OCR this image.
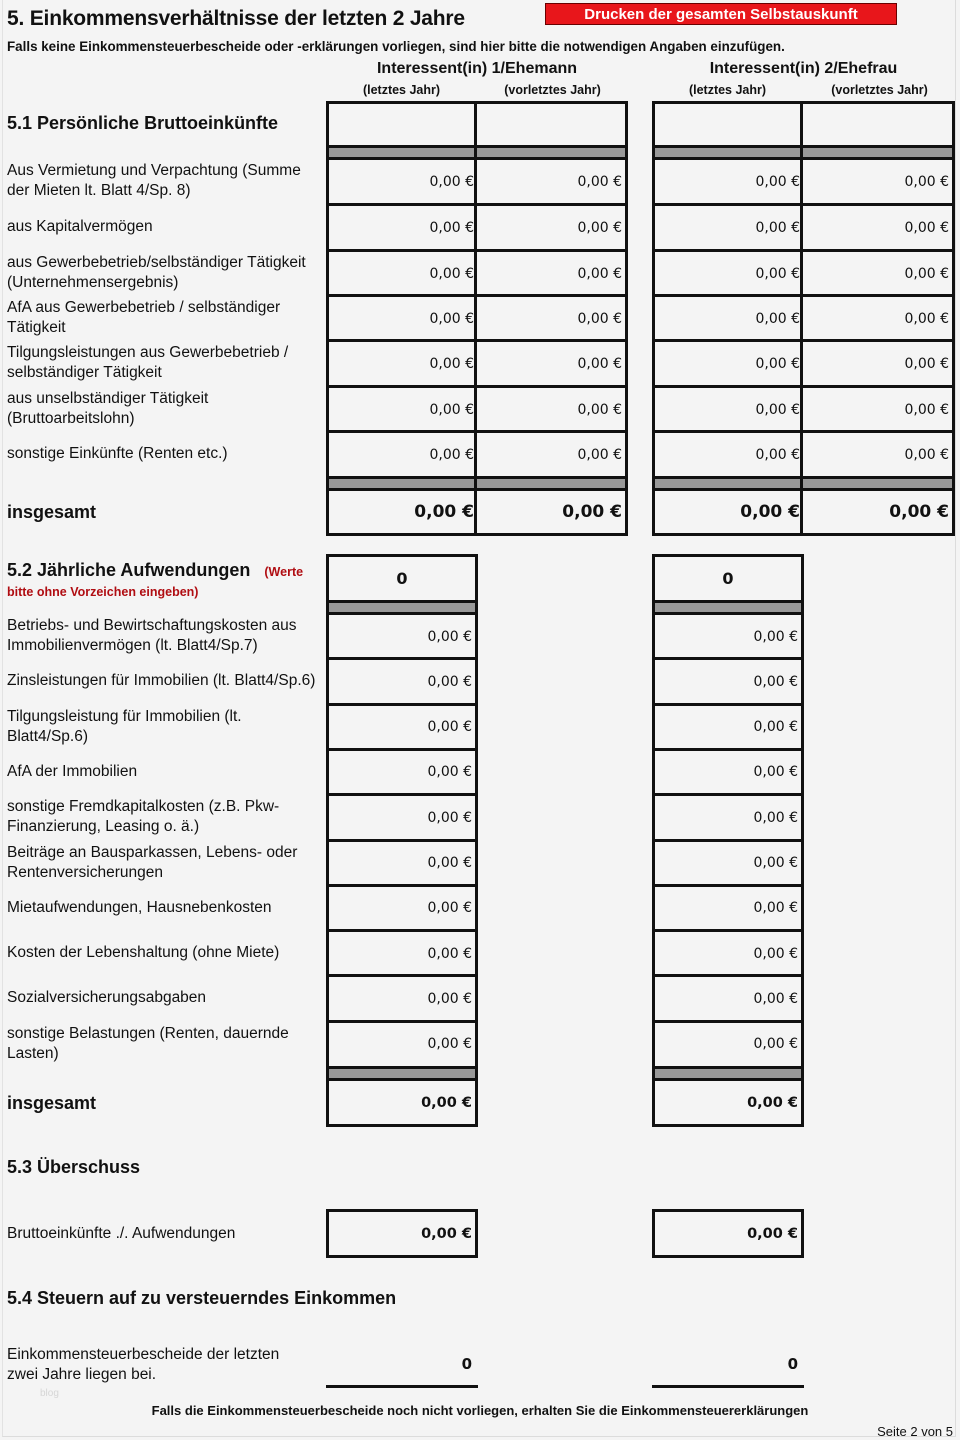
5. Einkommensverhältnisse der letzten 2 Jahre	Drucken der gesamten Selbstauskunft
Falls keine Einkommensteuerbescheide oder -erklärungen vorliegen, sind hier bitte die notwendigen Angaben einzufügen.
Interessent(in) 1/Ehemann	Interessent(in) 2/Ehefrau
(letztes Jahr)	(vorletztes Jahr)	(letztes Jahr)	(vorletztes Jahr)
5.1 Persönliche Bruttoeinkünfte
Aus Vermietung und Verpachtung (Summe der Mieten lt. Blatt 4/Sp. 8)
0,00 €	0,00 €	0,00 €	0,00 €
aus Kapitalvermögen	0,00 €	0,00 €	0,00 €	0,00 €
aus Gewerbebetrieb/selbständiger Tätigkeit (Unternehmensergebnis)
0,00 €	0,00 €	0,00 €	0,00 €
AfA aus Gewerbebetrieb / selbständiger Tätigkeit
0,00 €	0,00 €	0,00 €	0,00 €
Tilgungsleistungen aus Gewerbebetrieb / selbständiger Tätigkeit
0,00 €	0,00 €	0,00 €	0,00 €
aus unselbständiger Tätigkeit (Bruttoarbeitslohn)
0,00 €	0,00 €	0,00 €	0,00 €
sonstige Einkünfte (Renten etc.)	0,00 €	0,00 €	0,00 €	0,00 €
insgesamt	0,00 €	0,00 €	0,00 €	0,00 €
5.2 Jährliche Aufwendungen (Werte
bitte ohne Vorzeichen eingeben)
0	0
Betriebs- und Bewirtschaftungskosten aus Immobilienvermögen (lt. Blatt4/Sp.7)
0,00 €	0,00 €
Zinsleistungen für Immobilien (lt. Blatt4/Sp.6)	0,00 €	0,00 €
Tilgungsleistung für Immobilien (lt. Blatt4/Sp.6)
0,00 €	0,00 €
AfA der Immobilien	0,00 €	0,00 €
sonstige Fremdkapitalkosten (z.B. Pkw-Finanzierung, Leasing o. ä.)
0,00 €	0,00 €
Beiträge an Bausparkassen, Lebens- oder Rentenversicherungen
0,00 €	0,00 €
Mietaufwendungen, Hausnebenkosten	0,00 €	0,00 €
Kosten der Lebenshaltung (ohne Miete)	0,00 €	0,00 €
Sozialversicherungsabgaben	0,00 €	0,00 €
sonstige Belastungen (Renten, dauernde Lasten)
0,00 €	0,00 €
insgesamt	0,00 €	0,00 €
5.3 Überschuss
Bruttoeinkünfte ./. Aufwendungen	0,00 €	0,00 €
5.4 Steuern auf zu versteuerndes Einkommen
Einkommensteuerbescheide der letzten zwei Jahre liegen bei.
0	0
Falls die Einkommensteuerbescheide noch nicht vorliegen, erhalten Sie die Einkommensteuererklärungen
Seite 2 von 5
blog
